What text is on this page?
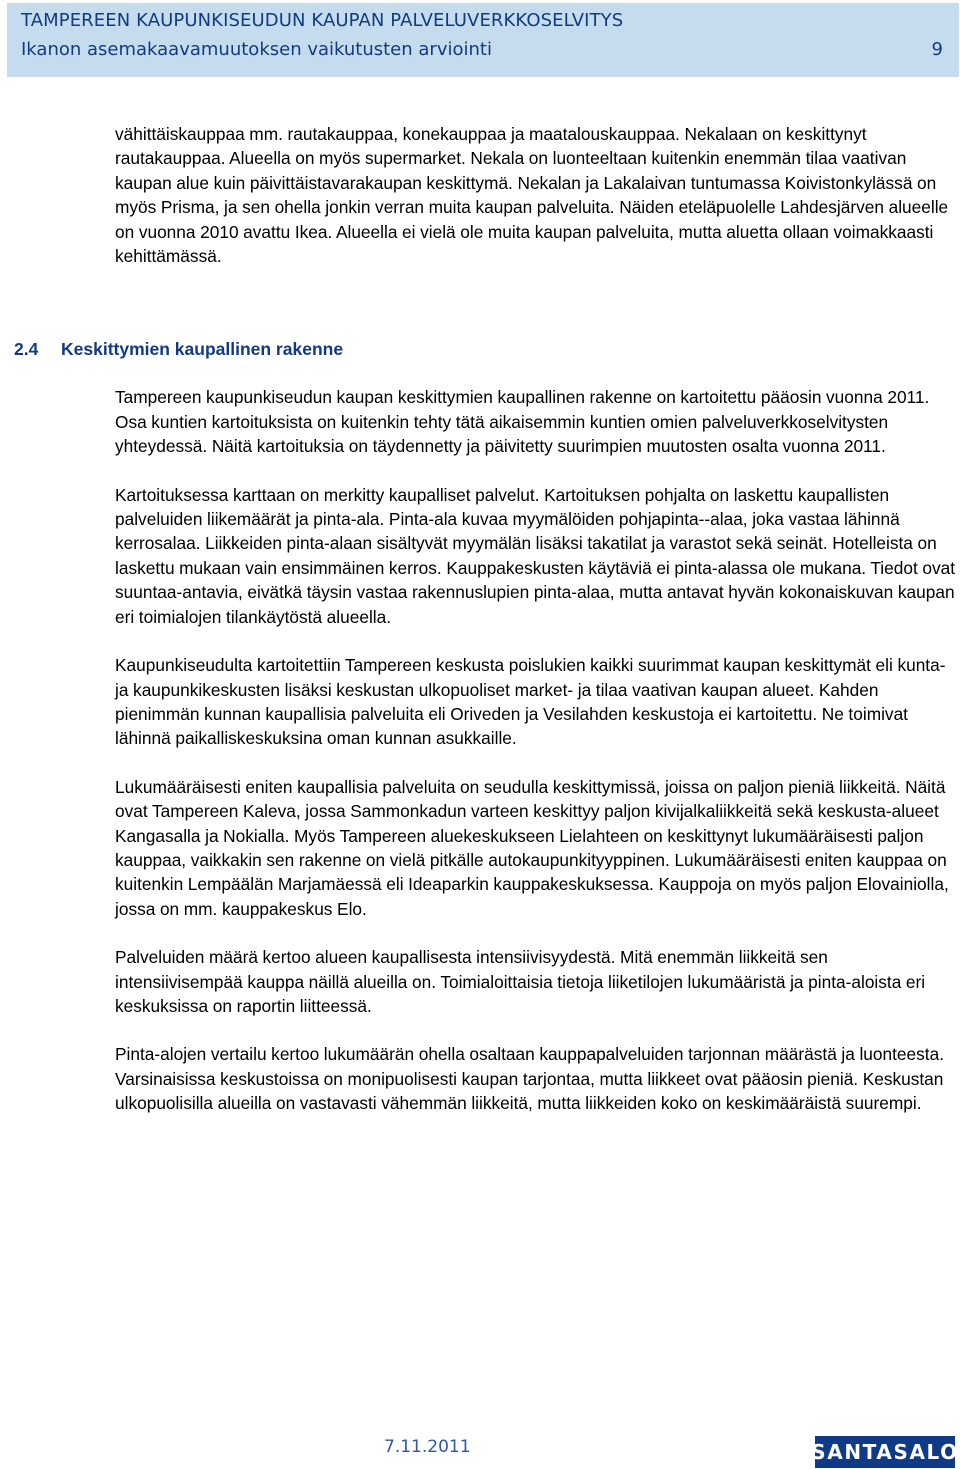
TAMPEREEN KAUPUNKISEUDUN KAUPAN PALVELUVERKKOSELVITYS
Ikanon asemakaavamuutoksen vaikutusten arviointi	9

vähittäiskauppaa mm. rautakauppaa, konekauppaa ja maatalouskauppaa. Nekalaan on keskittynyt rautakauppaa. Alueella on myös supermarket. Nekala on luonteeltaan kuitenkin enemmän tilaa vaativan kaupan alue kuin päivittäistavarakaupan keskittymä. Nekalan ja Lakalaivan tuntumassa Koivistonkylässä on myös Prisma, ja sen ohella jonkin verran muita kaupan palveluita. Näiden eteläpuolelle Lahdesjärven alueelle on vuonna 2010 avattu Ikea. Alueella ei vielä ole muita kaupan palveluita, mutta aluetta ollaan voimakkaasti kehittämässä.

Tampereen kaupunkiseudun kaupan keskittymien kaupallinen rakenne on kartoitettu pääosin vuonna 2011. Osa kuntien kartoituksista on kuitenkin tehty tätä aikaisemmin kuntien omien palveluverkkoselvitysten yhteydessä. Näitä kartoituksia on täydennetty ja päivitetty suurimpien muutosten osalta vuonna 2011.

Kartoituksessa karttaan on merkitty kaupalliset palvelut. Kartoituksen pohjalta on laskettu kaupallisten palveluiden liikemäärät ja pinta-ala. Pinta-ala kuvaa myymälöiden pohjapinta--alaa, joka vastaa lähinnä kerrosalaa. Liikkeiden pinta-alaan sisältyvät myymälän lisäksi takatilat ja varastot sekä seinät. Hotelleista on laskettu mukaan vain ensimmäinen kerros. Kauppakeskusten käytäviä ei pinta-alassa ole mukana. Tiedot ovat suuntaa-antavia, eivätkä täysin vastaa rakennuslupien pinta-alaa, mutta antavat hyvän kokonaiskuvan kaupan eri toimialojen tilankäytöstä alueella.

Kaupunkiseudulta kartoitettiin Tampereen keskusta poislukien kaikki suurimmat kaupan keskittymät eli kunta- ja kaupunkikeskusten lisäksi keskustan ulkopuoliset market- ja tilaa vaativan kaupan alueet. Kahden pienimmän kunnan kaupallisia palveluita eli Oriveden ja Vesilahden keskustoja ei kartoitettu. Ne toimivat lähinnä paikalliskeskuksina oman kunnan asukkaille.

Lukumääräisesti eniten kaupallisia palveluita on seudulla keskittymissä, joissa on paljon pieniä liikkeitä. Näitä ovat Tampereen Kaleva, jossa Sammonkadun varteen keskittyy paljon kivijalkaliikkeitä sekä keskusta-alueet Kangasalla ja Nokialla. Myös Tampereen aluekeskukseen Lielahteen on keskittynyt lukumääräisesti paljon kauppaa, vaikkakin sen rakenne on vielä pitkälle autokaupunkityyppinen. Lukumääräisesti eniten kauppaa on kuitenkin Lempäälän Marjamäessä eli Ideaparkin kauppakeskuksessa. Kauppoja on myös paljon Elovainiolla, jossa on mm. kauppakeskus Elo.

Palveluiden määrä kertoo alueen kaupallisesta intensiivisyydestä. Mitä enemmän liikkeitä sen intensiivisempää kauppa näillä alueilla on. Toimialoittaisia tietoja liiketilojen lukumääristä ja pinta-aloista eri keskuksissa on raportin liitteessä.

Pinta-alojen vertailu kertoo lukumäärän ohella osaltaan kauppapalveluiden tarjonnan määrästä ja luonteesta. Varsinaisissa keskustoissa on monipuolisesti kaupan tarjontaa, mutta liikkeet ovat pääosin pieniä. Keskustan ulkopuolisilla alueilla on vastavasti vähemmän liikkeitä, mutta liikkeiden koko on keskimääräistä suurempi.

2.4 Keskittymien kaupallinen rakenne
7.11.2011	SANTASALO
